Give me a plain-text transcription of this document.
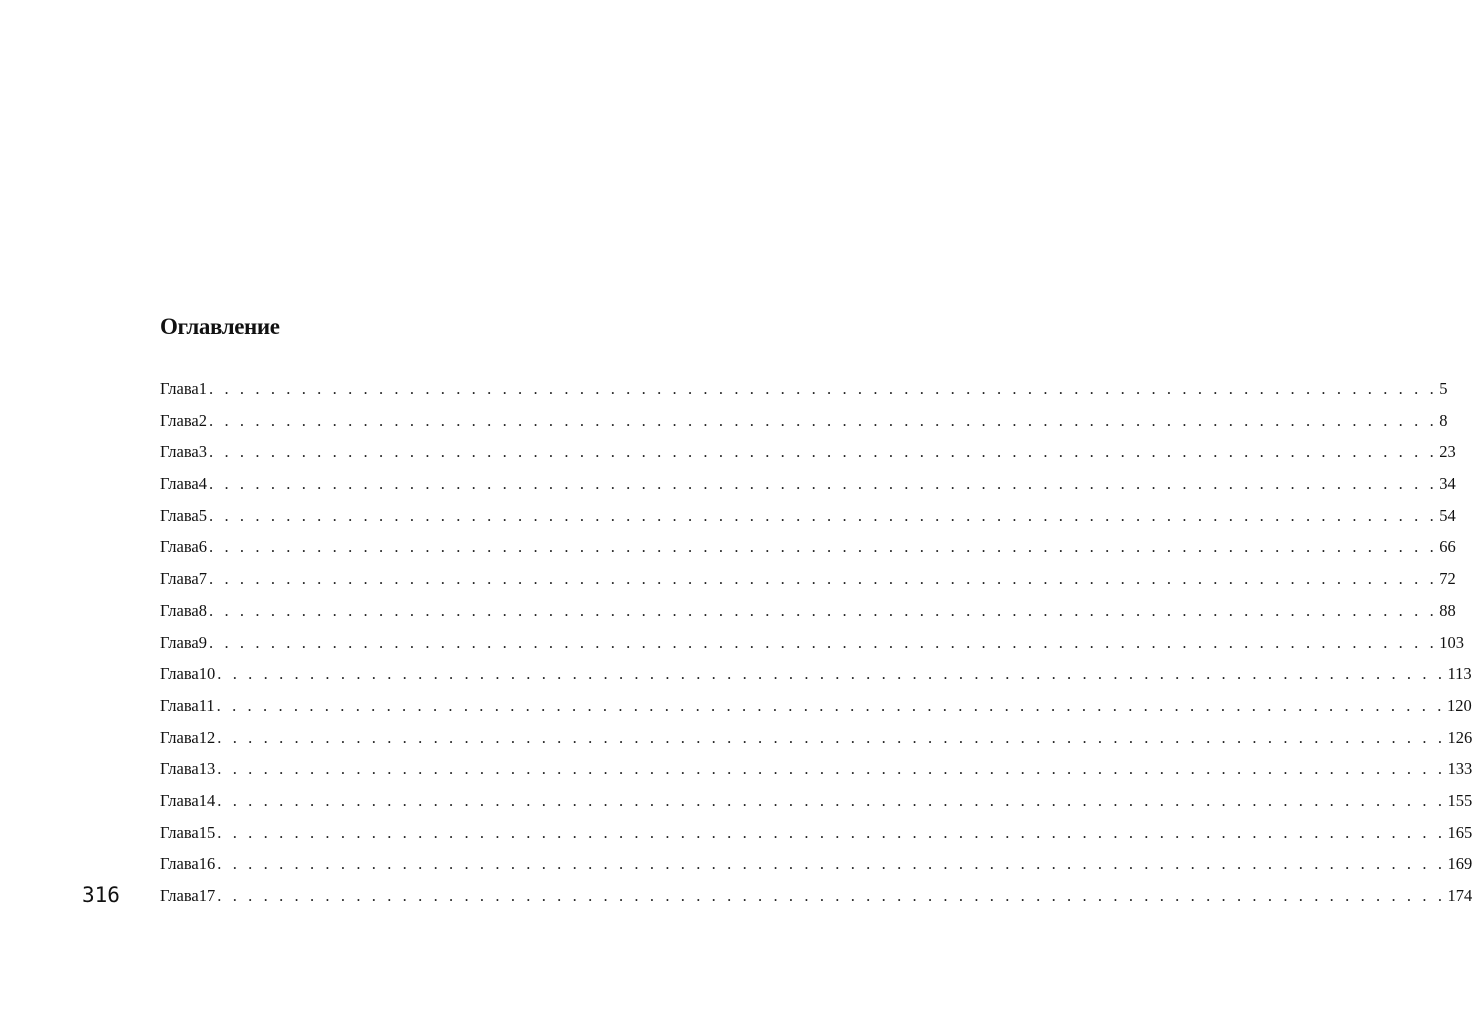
Оглавление
Глава 1 . . . . . . . . . . . . . . . . . . . . . . . . . . . . . . . . . . . . . . . . . . . . . . . . . . . . . . . . . . . . . . . . . . . . . . . . . . . . . . . . 5
Глава 2 . . . . . . . . . . . . . . . . . . . . . . . . . . . . . . . . . . . . . . . . . . . . . . . . . . . . . . . . . . . . . . . . . . . . . . . . . . . . . . . . 8
Глава 3 . . . . . . . . . . . . . . . . . . . . . . . . . . . . . . . . . . . . . . . . . . . . . . . . . . . . . . . . . . . . . . . . . . . . . . . . . . . . . . . . 23
Глава 4 . . . . . . . . . . . . . . . . . . . . . . . . . . . . . . . . . . . . . . . . . . . . . . . . . . . . . . . . . . . . . . . . . . . . . . . . . . . . . . . . 34
Глава 5 . . . . . . . . . . . . . . . . . . . . . . . . . . . . . . . . . . . . . . . . . . . . . . . . . . . . . . . . . . . . . . . . . . . . . . . . . . . . . . . . 54
Глава 6 . . . . . . . . . . . . . . . . . . . . . . . . . . . . . . . . . . . . . . . . . . . . . . . . . . . . . . . . . . . . . . . . . . . . . . . . . . . . . . . . 66
Глава 7 . . . . . . . . . . . . . . . . . . . . . . . . . . . . . . . . . . . . . . . . . . . . . . . . . . . . . . . . . . . . . . . . . . . . . . . . . . . . . . . . 72
Глава 8 . . . . . . . . . . . . . . . . . . . . . . . . . . . . . . . . . . . . . . . . . . . . . . . . . . . . . . . . . . . . . . . . . . . . . . . . . . . . . . . . 88
Глава 9 . . . . . . . . . . . . . . . . . . . . . . . . . . . . . . . . . . . . . . . . . . . . . . . . . . . . . . . . . . . . . . . . . . . . . . . . . . . . . . . . 103
Глава 10 . . . . . . . . . . . . . . . . . . . . . . . . . . . . . . . . . . . . . . . . . . . . . . . . . . . . . . . . . . . . . . . . . . . . . . . . . . . . . . . . 113
Глава 11 . . . . . . . . . . . . . . . . . . . . . . . . . . . . . . . . . . . . . . . . . . . . . . . . . . . . . . . . . . . . . . . . . . . . . . . . . . . . . . . . 120
Глава 12 . . . . . . . . . . . . . . . . . . . . . . . . . . . . . . . . . . . . . . . . . . . . . . . . . . . . . . . . . . . . . . . . . . . . . . . . . . . . . . . . 126
Глава 13 . . . . . . . . . . . . . . . . . . . . . . . . . . . . . . . . . . . . . . . . . . . . . . . . . . . . . . . . . . . . . . . . . . . . . . . . . . . . . . . . 133
Глава 14 . . . . . . . . . . . . . . . . . . . . . . . . . . . . . . . . . . . . . . . . . . . . . . . . . . . . . . . . . . . . . . . . . . . . . . . . . . . . . . . . 155
Глава 15 . . . . . . . . . . . . . . . . . . . . . . . . . . . . . . . . . . . . . . . . . . . . . . . . . . . . . . . . . . . . . . . . . . . . . . . . . . . . . . . . 165
Глава 16 . . . . . . . . . . . . . . . . . . . . . . . . . . . . . . . . . . . . . . . . . . . . . . . . . . . . . . . . . . . . . . . . . . . . . . . . . . . . . . . . 169
Глава 17 . . . . . . . . . . . . . . . . . . . . . . . . . . . . . . . . . . . . . . . . . . . . . . . . . . . . . . . . . . . . . . . . . . . . . . . . . . . . . . . . 174
316
